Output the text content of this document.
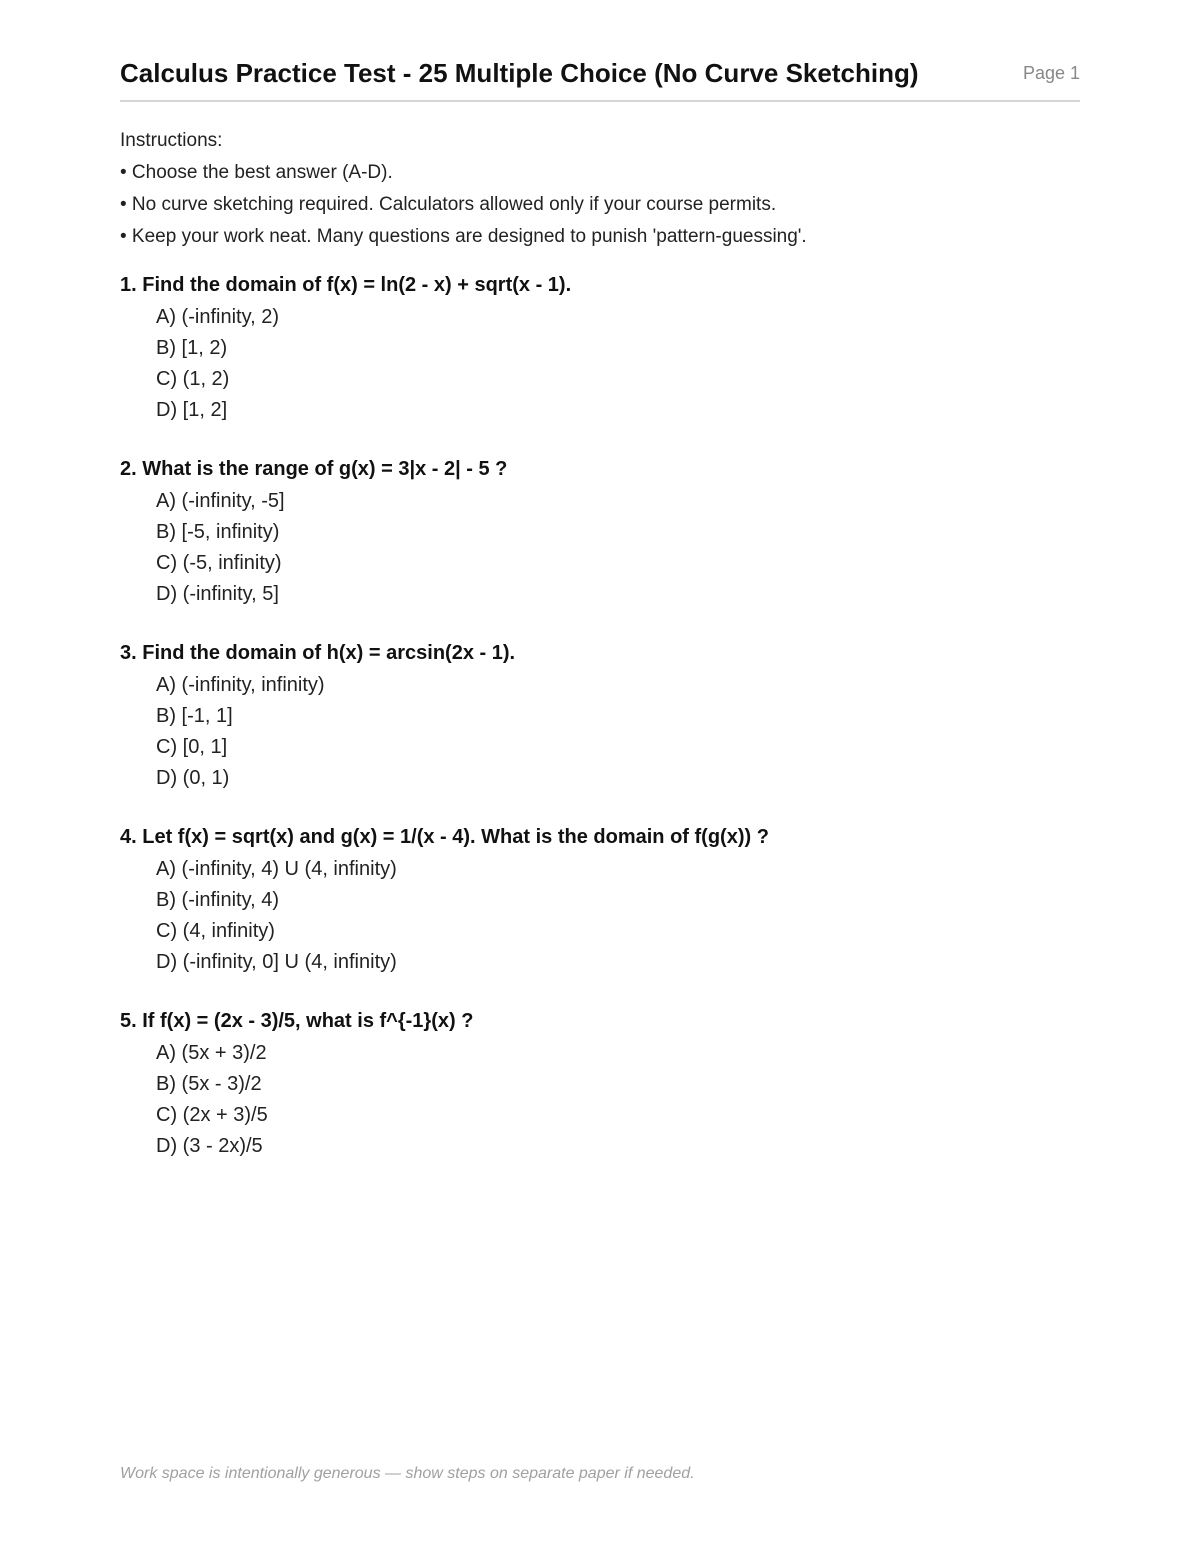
Calculus Practice Test - 25 Multiple Choice (No Curve Sketching)	Page 1
Instructions:
• Choose the best answer (A-D).
• No curve sketching required. Calculators allowed only if your course permits.
• Keep your work neat. Many questions are designed to punish 'pattern-guessing'.
1. Find the domain of f(x) = ln(2 - x) + sqrt(x - 1).
A) (-infinity, 2)
B) [1, 2)
C) (1, 2)
D) [1, 2]
2. What is the range of g(x) = 3|x - 2| - 5 ?
A) (-infinity, -5]
B) [-5, infinity)
C) (-5, infinity)
D) (-infinity, 5]
3. Find the domain of h(x) = arcsin(2x - 1).
A) (-infinity, infinity)
B) [-1, 1]
C) [0, 1]
D) (0, 1)
4. Let f(x) = sqrt(x) and g(x) = 1/(x - 4). What is the domain of f(g(x)) ?
A) (-infinity, 4) U (4, infinity)
B) (-infinity, 4)
C) (4, infinity)
D) (-infinity, 0] U (4, infinity)
5. If f(x) = (2x - 3)/5, what is f^{-1}(x) ?
A) (5x + 3)/2
B) (5x - 3)/2
C) (2x + 3)/5
D) (3 - 2x)/5
Work space is intentionally generous — show steps on separate paper if needed.
